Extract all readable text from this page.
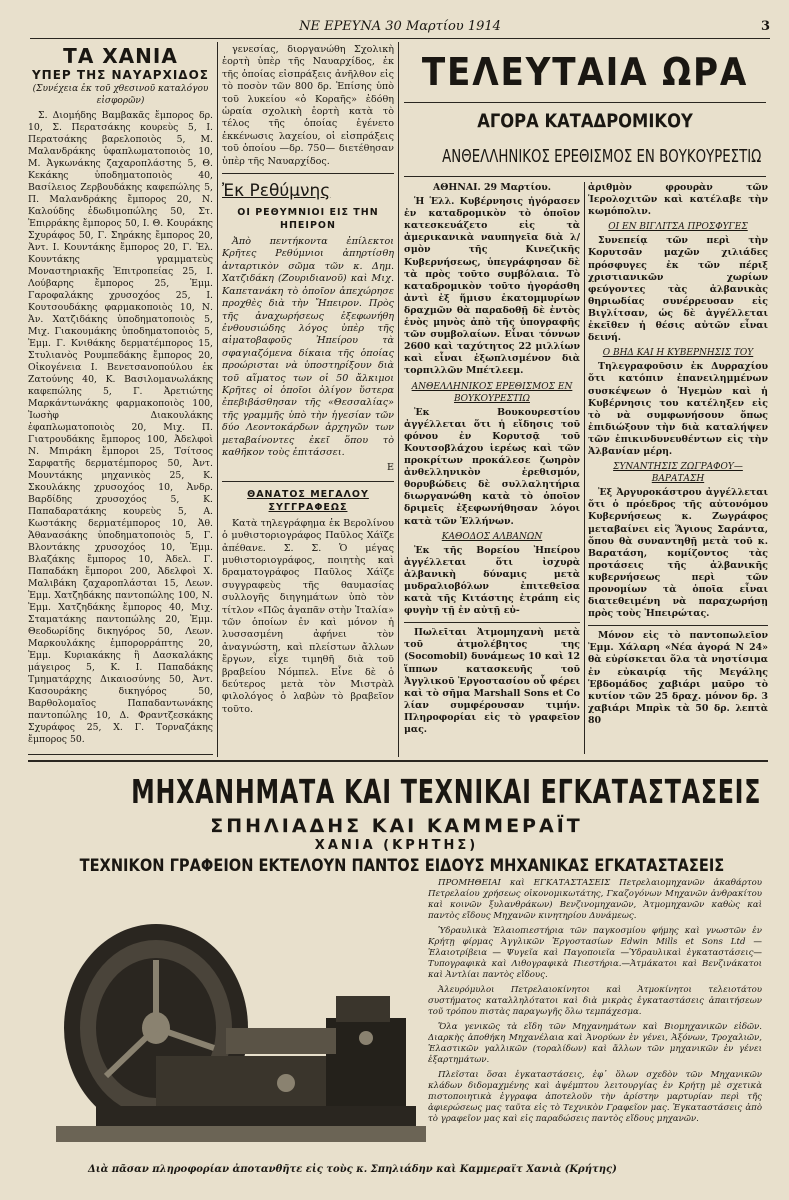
ΝΕ ΕΡΕΥΝΑ 30 Μαρτίου 1914	3
ΤΑ ΧΑΝΙΑ
ΥΠΕΡ ΤΗΣ ΝΑΥΑΡΧΙΔΟΣ
(Συνέχεια ἐκ τοῦ χθεσινοῦ καταλόγου εἰσφορῶν)

Σ. Διομήδης Βαμβακᾶς ἔμπορος δρ. 10, Σ. Περατσάκης κουρεὺς 5, Ι. Περατσάκης βαρελοποιὸς 5, Μ. Μαλανδράκης ὑφαπλωματοποιὸς 10, Μ. Ἀγκωνάκης ζαχαροπλάστης 5, Θ. Κεκάκης ὑποδηματοποιὸς 40, Βασίλειος Ζερβουδάκης καφεπώλης 5, Π. Μαλανδράκης ἔμπορος 20, Ν. Καλούδης ἐδωδιμοπώλης 50, Στ. Ἐπιρράκης ἔμπορος 50, Ι. Θ. Κουράκης Σχυράφος 50, Γ. Σηράκης ἔμπορος 20, Ἀντ. Ι. Κουντάκης ἔμπορος 20, Γ. Ἐλ. Κουντάκης γραμματεὺς Μοναστηριακῆς Ἐπιτροπείας 25, Ι. Λούβαρης ἔμπορος 25, Ἐμμ. Γαροφαλάκης χρυσοχόος 25, Ι. Κουτσουδάκης φαρμακοποιὸς 10, Ν. Ἀν. Χατζιδάκης ὑποδηματοποιὸς 5, Μιχ. Γιακουμάκης ὑποδηματοποιὸς 5, Ἐμμ. Γ. Κνιθάκης δερματέμπορος 15, Στυλιανὸς Ρουμπεδάκης ἔμπορος 20, Οἰκογένεια Ι. Βενετσανοπούλου ἐκ Ζατούνης 40, Κ. Βασιλομανωλάκης καφεπώλης 5, Γ. Ἀρετιώτης Μαρκάντωνάκης φαρμακοποιὸς 100, Ἰωσὴφ Διακουλάκης ἐφαπλωματοποιὸς 20, Μιχ. Π. Γιατρουδάκης ἔμπορος 100, Ἀδελφοὶ Ν. Μπιράκη ἔμποροι 25, Τσίτσος Σαρφατῆς δερματέμπορος 50, Ἀντ. Μουντάκης μηχανικὸς 25, Κ. Σκουλάκης χρυσοχόος 10, Ἀνδρ. Βαρδίδης χρυσοχόος 5, Κ. Παπαδαρατάκης κουρεὺς 5, Α. Κωστάκης δερματέμπορος 10, Ἀθ. Ἀθανασάκης ὑποδηματοποιὸς 5, Γ. Βλοντάκης χρυσοχόος 10, Ἐμμ. Βλαζάκης ἔμπορος 10, Ἀδελ. Γ. Παπαδάκη ἔμποροι 200, Ἀδελφοὶ Χ. Μαλιβάκη ζαχαροπλάσται 15, Λεων. Ἐμμ. Χατζηδάκης παντοπώλης 100, Ν. Ἐμμ. Χατζηδάκης ἔμπορος 40, Μιχ. Σταματάκης παντοπώλης 20, Ἐμμ. Θεοδωρίδης δικηγόρος 50, Λεων. Μαρκουλάκης ἐμπορορράπτης 20, Ἐμμ. Κυριακάκης ἢ Δασκαλάκης μάγειρος 5, Κ. Ι. Παπαδάκης Τμηματάρχης Δικαιοσύνης 50, Ἀντ. Κασουράκης δικηγόρος 50, Βαρθολομαῖος Παπαδαντωνάκης παντοπώλης 10, Δ. Φραντζεσκάκης Σχυράφος 25, Χ. Γ. Τορναζάκης ἔμπορος 50.

γενεσίας, διοργανώθη Σχολικὴ ἑορτὴ ὑπὲρ τῆς Ναυαρχίδος, ἐκ τῆς ὁποίας εἰσπράξεις ἀνῆλθον εἰς τὸ ποσὸν τῶν 800 δρ. Ἐπίσης ὑπὸ τοῦ λυκείου «ὁ Κοραῆς» ἐδόθη ὡραία σχολικὴ ἑορτὴ κατὰ τὸ τέλος τῆς ὁποίας ἐγένετο ἐκκένωσις λαχείου, οἱ εἰσπράξεις τοῦ ὁποίου —δρ. 750— διετέθησαν ὑπὲρ τῆς Ναυαρχίδος.

Ἐκ Ρεθύμνης
ΟΙ ΡΕΘΥΜΝΙΟΙ ΕΙΣ ΤΗΝ ΗΠΕΙΡΟΝ

Ἀπὸ πεντήκοντα ἐπίλεκτοι Κρῆτες Ρεθύμνιοι ἀπηρτίσθη ἀνταρτικὸν σῶμα τῶν κ. Δημ. Χατζιδάκη (Ζουριδιανοῦ) καὶ Μιχ. Καπετανάκη τὸ ὁποῖον ἀπεχώρησε προχθὲς διὰ τὴν Ἤπειρον. Πρὸς τῆς ἀναχωρήσεως ἐξεφωνήθη ἐνθουσιώδης λόγος ὑπὲρ τῆς αἱματοβαφοῦς Ἠπείρου τὰ σφαγιαζόμενα δίκαια τῆς ὁποίας προώρισται νὰ ὑποστηρίξουν διὰ τοῦ αἵματος των οἱ 50 ἄλκιμοι Κρῆτες οἱ ὁποῖοι ὀλίγον ὕστερα ἐπεβιβάσθησαν τῆς «Θεσσαλίας» τῆς γραμμῆς ὑπὸ τὴν ἡγεσίαν τῶν δύο Λεοντοκάρδων ἀρχηγῶν των μεταβαίνοντες ἐκεῖ ὅπου τὸ καθῆκον τοὺς ἐπιτάσσει.

Ε

ΘΑΝΑΤΟΣ ΜΕΓΑΛΟΥ ΣΥΓΓΡΑΦΕΩΣ

Κατὰ τηλεγράφημα ἐκ Βερολίνου ὁ μυθιστοριογράφος Παῦλος Χάϊζε ἀπέθανε. Σ. Σ. Ὁ μέγας μυθιστοριογράφος, ποιητὴς καὶ δραματογράφος Παῦλος Χάϊζε συγγραφεὺς τῆς θαυμασίας συλλογῆς διηγημάτων ὑπὸ τὸν τίτλον «Πῶς ἀγαπᾶν στὴν Ἰταλία» τῶν ὁποίων ἐν καὶ μόνον ἡ λυσσασμένη ἀφήνει τὸν ἀναγνώστη, καὶ πλείστων ἄλλων ἔργων, εἶχε τιμηθῆ διὰ τοῦ βραβείου Νόμπελ. Εἶνε δὲ ὁ δεύτερος μετὰ τὸν Μιστρὰλ φιλολόγος ὁ λαβὼν τὸ βραβεῖον τοῦτο.

ΤΕΛΕΥΤΑΙΑ ΩΡΑ
ΑΓΟΡΑ ΚΑΤΑΔΡΟΜΙΚΟΥ
ΑΝΘΕΛΛΗΝΙΚΟΣ ΕΡΕΘΙΣΜΟΣ ΕΝ ΒΟΥΚΟΥΡΕΣΤΙΩ
ΑΘΗΝΑΙ. 29 Μαρτίου.

Ἡ Ἑλλ. Κυβέρνησις ἠγόρασεν ἐν καταδρομικὸν τὸ ὁποῖον κατεσκευάζετο εἰς τὰ ἀμερικανικὰ ναυπηγεῖα διὰ λ/σμὸν τῆς Κινεζικῆς Κυβερνήσεως, ὑπεγράφησαν δὲ τὰ πρὸς τοῦτο συμβόλαια. Τὸ καταδρομικὸν τοῦτο ἠγοράσθη ἀντὶ ἐξ ἥμισυ ἑκατομμυρίων δραχμῶν θὰ παραδοθῇ δὲ ἐντὸς ἑνὸς μηνὸς ἀπὸ τῆς ὑπογραφῆς τῶν συμβολαίων. Εἶναι τόννων 2600 καὶ ταχύτητος 22 μιλλίων καὶ εἶναι ἐξωπλισμένον διὰ τορπιλλῶν Μπέτλεεμ.

ΑΝΘΕΛΛΗΝΙΚΟΣ ΕΡΕΘΙΣΜΟΣ ΕΝ ΒΟΥΚΟΥΡΕΣΤΙΩ

Ἐκ Βουκουρεστίου ἀγγέλλεται ὅτι ἡ εἴδησις τοῦ φόνου ἐν Κορυτσᾷ τοῦ Κουτσοβλάχου ἱερέως καὶ τῶν προκρίτων προκάλεσε ζωηρὸν ἀνθελληνικὸν ἐρεθισμόν, θορυβώδεις δὲ συλλαλητήρια διωργανώθη κατὰ τὸ ὁποῖον δριμεῖς ἐξεφωνήθησαν λόγοι κατὰ τῶν Ἑλλήνων.

ΚΑΘΟΔΟΣ ΑΛΒΑΝΩΝ

Ἐκ τῆς Βορείου Ἠπείρου ἀγγέλλεται ὅτι ἰσχυρὰ ἀλβανικὴ δύναμις μετὰ μυδραλιοβόλων ἐπιτεθεῖσα κατὰ τῆς Κιτάστης ἐτράπη εἰς φυγὴν τῇ ἐν αὐτῇ εὐ-

Πωλεῖται Ἀτμομηχανὴ μετὰ τοῦ ἀτμολέβητος της (Socomobil) δυνάμεως 10 καὶ 12 ἵππων κατασκευῆς τοῦ Ἀγγλικοῦ Ἐργοστασίου οὗ φέρει καὶ τὸ σῆμα Marshall Sons et Co λίαν συμφέρουσαν τιμήν. Πληροφορίαι εἰς τὸ γραφεῖον μας.

ἀριθμὸν φρουρὰν τῶν Ἱερολοχιτῶν καὶ κατέλαβε τὴν κωμόπολιν.

ΟΙ ΕΝ ΒΙΓΛΙΤΣΑ ΠΡΟΣΦΥΓΕΣ

Συνεπείᾳ τῶν περὶ τὴν Κορυτσᾶν μαχῶν χιλιάδες πρόσφυγες ἐκ τῶν πέριξ χριστιανικῶν χωρίων φεύγοντες τὰς ἀλβανικὰς θηριωδίας συνέρρευσαν εἰς Βιγλίτσαν, ὡς δὲ ἀγγέλλεται ἐκεῖθεν ἡ θέσις αὐτῶν εἶναι δεινή.

Ο ΒΗΔ ΚΑΙ Η ΚΥΒΕΡΝΗΣΙΣ ΤΟΥ

Τηλεγραφοῦσιν ἐκ Δυρραχίου ὅτι κατόπιν ἐπανειλημμένων συσκέψεων ὁ Ἡγεμὼν καὶ ἡ Κυβέρνησις του κατέληξεν εἰς τὸ νὰ συμφωνήσουν ὅπως ἐπιδιώξουν τὴν διὰ καταλήψεν τῶν ἐπικινδυνευθέντων εἰς τὴν Ἀλβανίαν μέρη.

ΣΥΝΑΝΤΗΣΙΣ ΖΩΓΡΑΦΟΥ—ΒΑΡΑΤΑΣΗ

Ἐξ Ἀργυροκάστρου ἀγγέλλεται ὅτι ὁ πρόεδρος τῆς αὐτονόμου Κυβερνήσεως κ. Ζωγράφος μεταβαίνει εἰς Ἅγιους Σαράντα, ὅπου θὰ συναντηθῇ μετὰ τοῦ κ. Βαρατάση, κομίζοντος τὰς προτάσεις τῆς ἀλβανικῆς κυβερνήσεως περὶ τῶν προνομίων τὰ ὁποῖα εἶναι διατεθειμένη νὰ παραχωρήσῃ πρὸς τοὺς Ἠπειρώτας.

Μόνον εἰς τὸ παντοπωλεῖον Ἐμμ. Χάλαρη «Νέα ἀγορά Ν 24» θὰ εὑρίσκεται ὅλα τὰ νηστίσιμα ἐν εὐκαιρίᾳ τῆς Μεγάλης Ἑβδομάδος χαβιάρι μαῦρο τὸ κυτίον τῶν 25 δραχ. μόνον δρ. 3 χαβιάρι Μπρὶκ τὰ 50 δρ. λεπτὰ 80

ΜΗΧΑΝΗΜΑΤΑ ΚΑΙ ΤΕΧΝΙΚΑΙ ΕΓΚΑΤΑΣΤΑΣΕΙΣ
ΣΠΗΛΙΑΔΗΣ ΚΑΙ ΚΑΜΜΕΡΑΪΤ
ΧΑΝΙΑ (ΚΡΗΤΗΣ)
ΤΕΧΝΙΚΟΝ ΓΡΑΦΕΙΟΝ ΕΚΤΕΛΟΥΝ ΠΑΝΤΟΣ ΕΙΔΟΥΣ ΜΗΧΑΝΙΚΑΣ ΕΓΚΑΤΑΣΤΑΣΕΙΣ

ΠΡΟΜΗΘΕΙΑΙ καὶ ΕΓΚΑΤΑΣΤΑΣΕΙΣ Πετρελαιομηχανῶν ἀκαθάρτου Πετρελαίου χρήσεως οἰκονομικωτάτης, Γκαζογόνων Μηχανῶν ἀνθρακίτου καὶ κοινῶν ξυλανθράκων) Βενζινομηχανῶν, Ἀτμομηχανῶν καθὼς καὶ παντὸς εἴδους Μηχανῶν κινητηρίου Δυνάμεως.

Ὑδραυλικὰ Ἐλαιοπιεστήρια τῶν παγκοσμίου φήμης καὶ γνωστῶν ἐν Κρήτῃ φίρμας Ἀγγλικῶν Ἐργοστασίων Edwin Mills et Sons Ltd —Ἐλαιοτρίβεια — Ψυγεῖα καὶ Παγοποιεῖα —Ὑδραυλικαὶ ἐγκαταστάσεις—Τυπογραφικὰ καὶ Λιθογραφικὰ Πιεστήρια.—Ἀτμάκατοι καὶ Βενζινάκατοι καὶ Ἀντλίαι παντὸς εἴδους.

Ἀλευρόμυλοι Πετρελαιοκίνητοι καὶ Ἀτμοκίνητοι τελειοτάτου συστήματος καταλληλότατοι καὶ διὰ μικρὰς ἐγκαταστάσεις ἀπαιτήσεων τοῦ τρόπου πιστὰς παραγωγῆς ὅλω τεμπάχεσμα.

Ὅλα γενικῶς τὰ εἴδη τῶν Μηχανημάτων καὶ Βιομηχανικῶν εἰδῶν. Διαρκὴς ἀποθήκη Μηχανέλαια καὶ Ἀνορύων ἐν γένει, Ἀξόνων, Τροχαλιῶν, Ἐλαστικῶν γαλλικῶν (τοραλίδων) καὶ ἄλλων τῶν μηχανικῶν ἐν γένει ἐξαρτημάτων.

Πλεῖσται ὅσαι ἐγκαταστάσεις, ἐφ᾽ ὅλων σχεδὸν τῶν Μηχανικῶν κλάδων διδομαχμένης καὶ ἀψέμπτου λειτουργίας ἐν Κρήτῃ μὲ σχετικὰ πιστοποιητικὰ ἐγγραφα ἀποτελοῦν τὴν ἀρίστην μαρτυρίαν περὶ τῆς ἀφιερώσεως μας ταῦτα εἰς τὸ Τεχνικὸν Γραφεῖον μας. Ἐγκαταστάσεις ἀπὸ τὸ γραφεῖον μας καὶ εἰς παραδώσεις παντὸς εἴδους μηχανῶν.

Διὰ πᾶσαν πληροφορίαν ἀποτανθῆτε εἰς τοὺς κ. Σπηλιάδην καὶ Καμμεραϊτ Χανιὰ (Κρήτης)
